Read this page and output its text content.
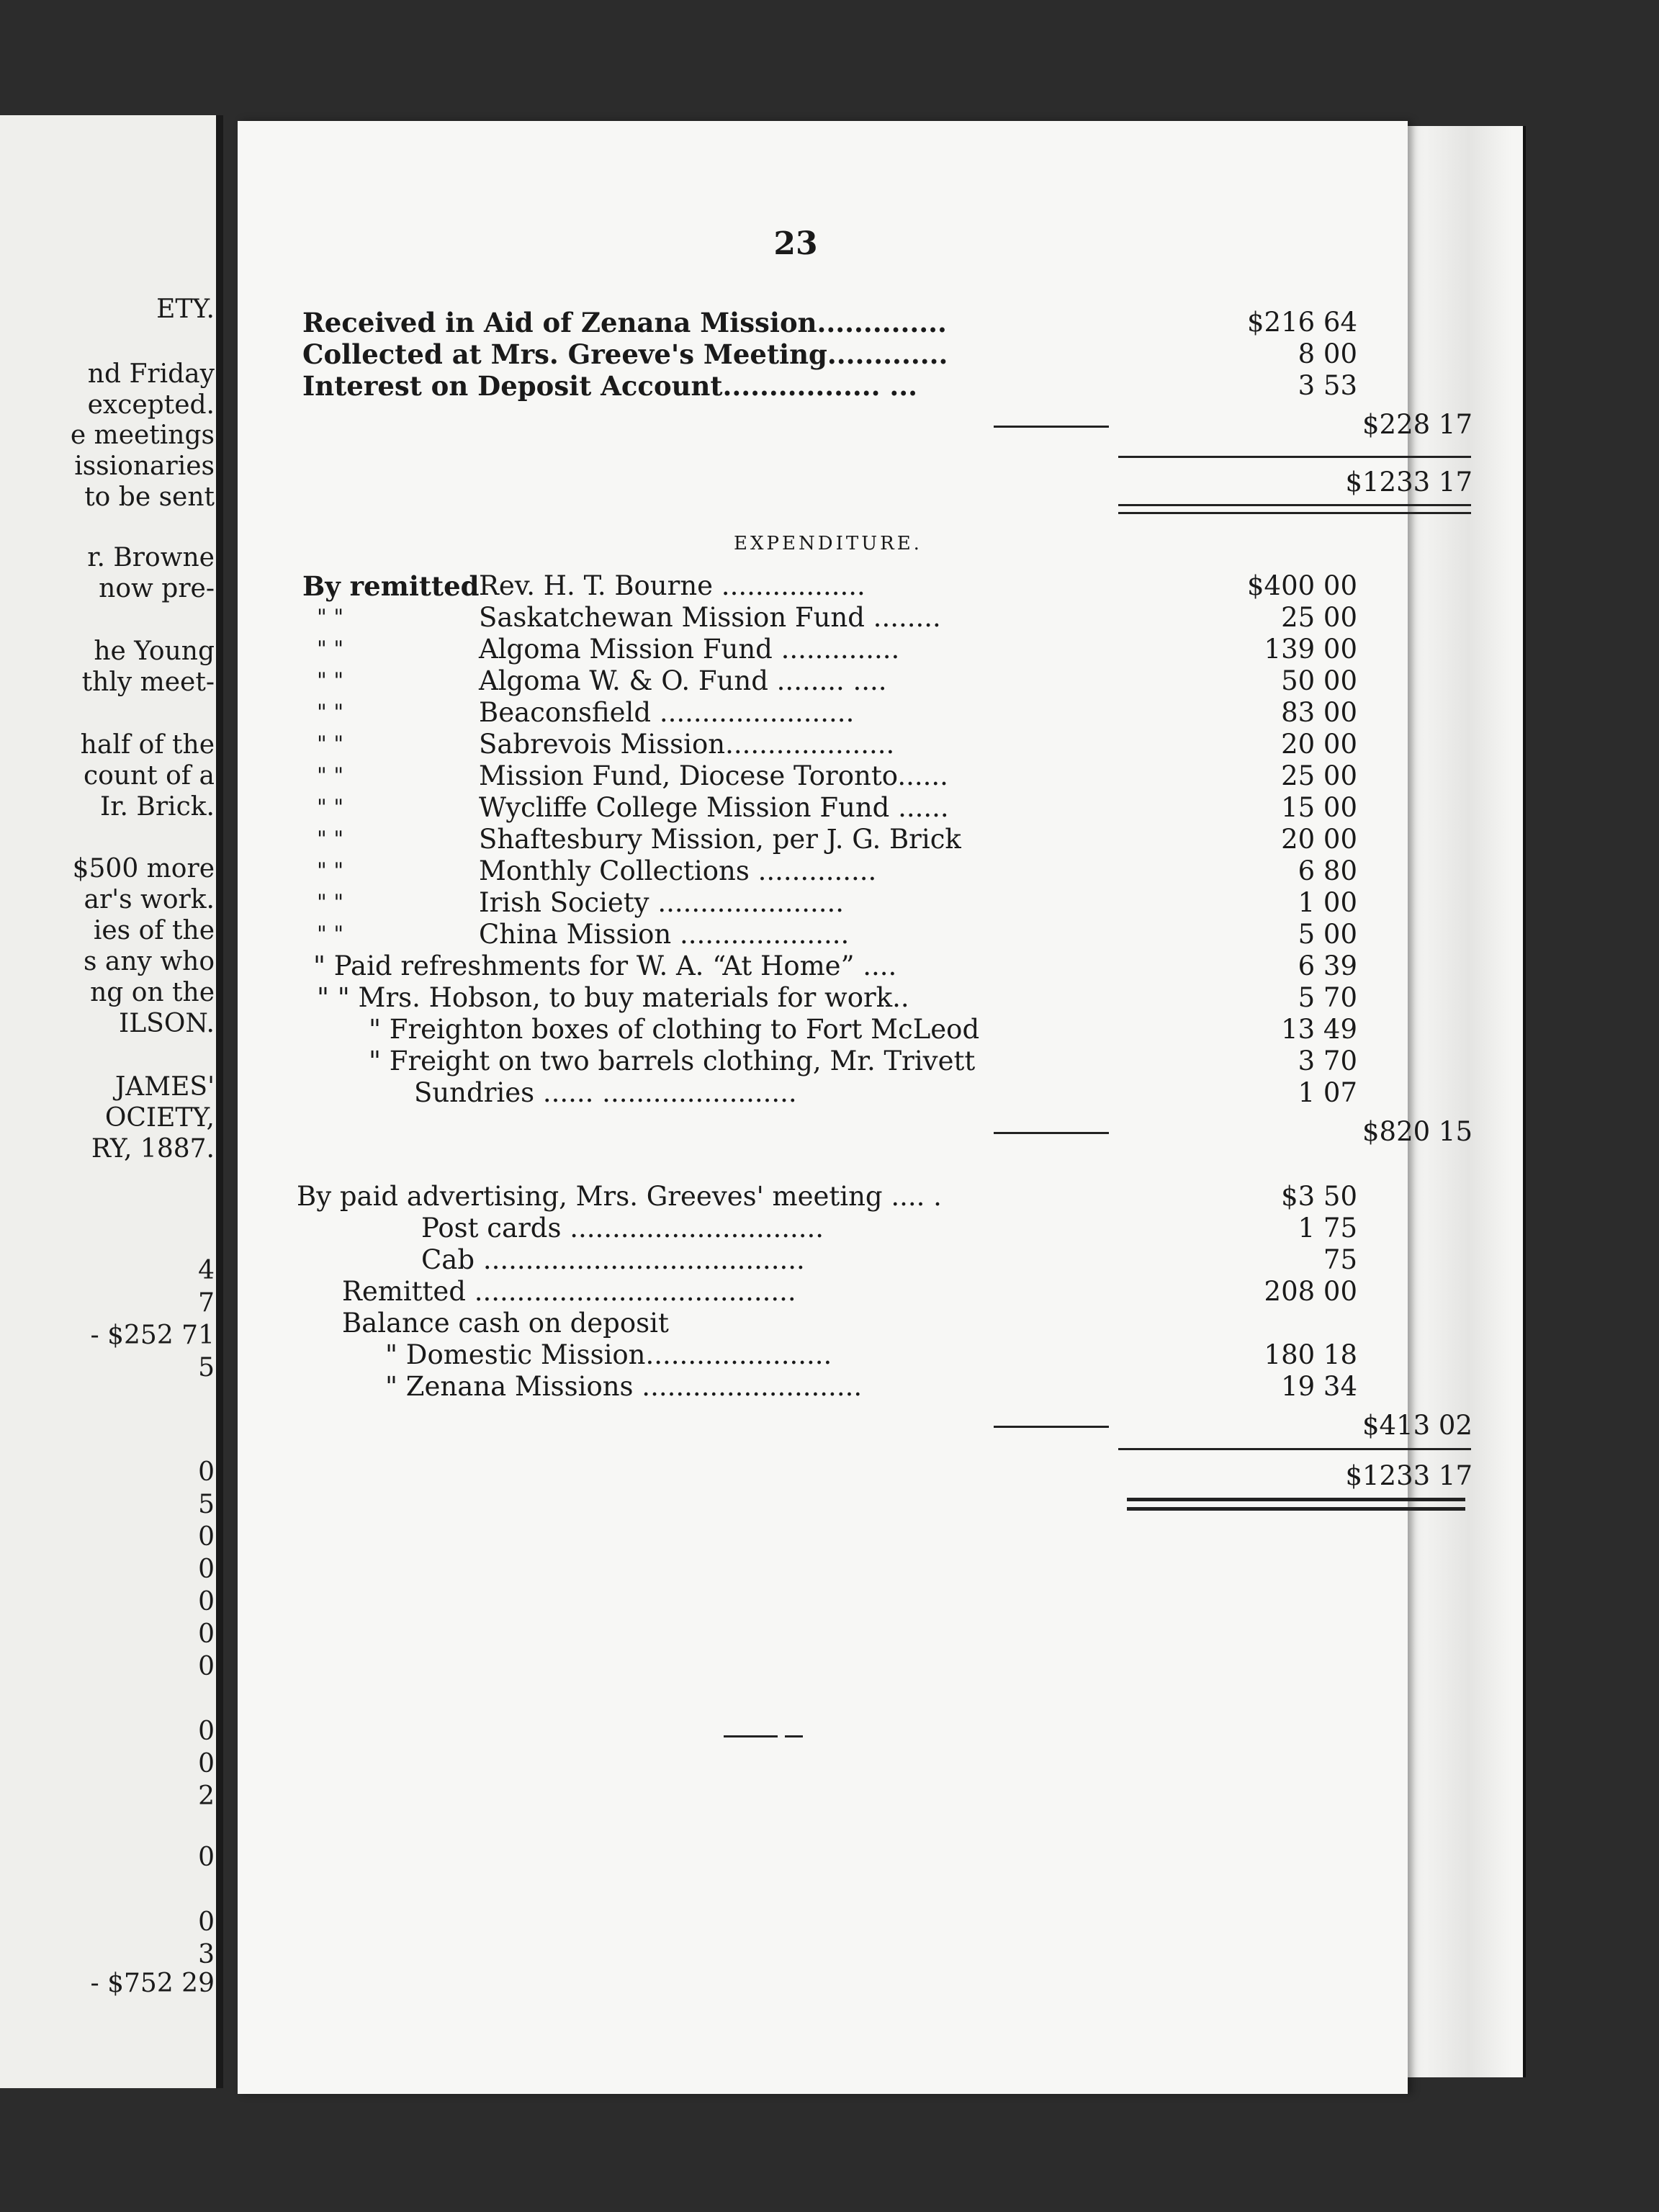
ETY.
nd Friday
excepted.
e meetings
issionaries
to be sent
r. Browne
now pre-
he Young
thly meet-
half of the
count of a
Ir. Brick.
$500 more
ar's work.
ies of the
s any who
ng on the
ILSON.
JAMES'
OCIETY,
RY, 1887.
4
7
- $252 71
5
0
5
0
0
0
0
0
0
0
2
0
0
3
- $752 29
23
Received in Aid of Zenana Mission..............	$216 64
Collected at Mrs. Greeve's Meeting.............	8 00
Interest on Deposit Account................. ...	3 53
$228 17
$1233 17
EXPENDITURE.
By remitted Rev. H. T. Bourne .................	$400 00
" "	Saskatchewan Mission Fund ........	25 00
" "	Algoma Mission Fund ..............	139 00
" "	Algoma W. & O. Fund ........ ....	50 00
" "	Beaconsfield .......................	83 00
" "	Sabrevois Mission....................	20 00
" "	Mission Fund, Diocese Toronto......	25 00
" "	Wycliffe College Mission Fund ......	15 00
" "	Shaftesbury Mission, per J. G. Brick	20 00
" "	Monthly Collections ..............	6 80
" "	Irish Society ......................	1 00
" "	China Mission ....................	5 00
" Paid refreshments for W. A. “At Home” ....	6 39
" " Mrs. Hobson, to buy materials for work..	5 70
" Freighton boxes of clothing to Fort McLeod	13 49
" Freight on two barrels clothing, Mr. Trivett	3 70
Sundries ...... .......................	1 07
$820 15
By paid advertising, Mrs. Greeves' meeting .... .	$3 50
Post cards ..............................	1 75
Cab ......................................	75
Remitted ......................................	208 00
Balance cash on deposit
" Domestic Mission......................	180 18
" Zenana Missions ..........................	19 34
$413 02
$1233 17
